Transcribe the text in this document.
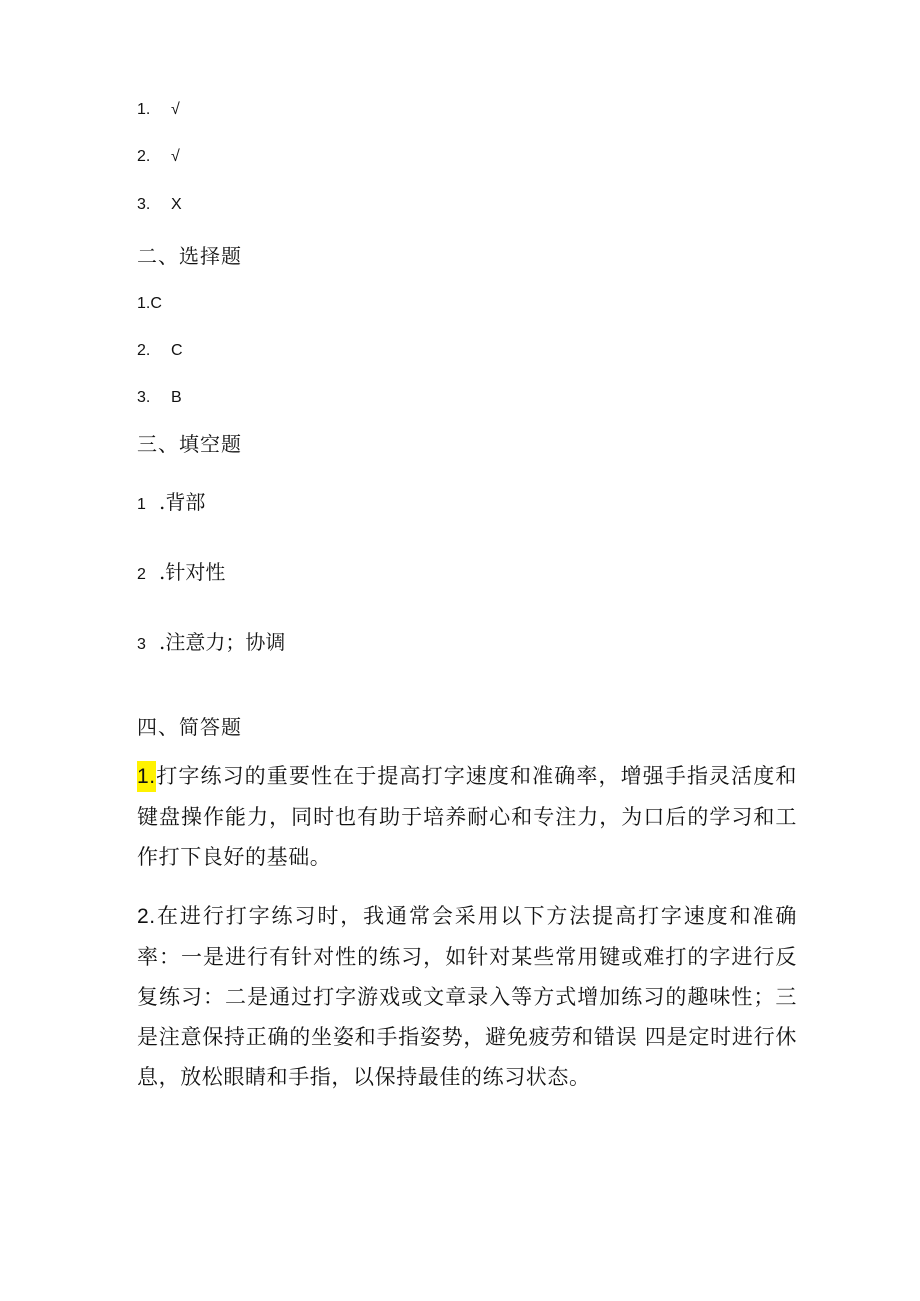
1. √
2. √
3. X
二、选择题
1.C
2. C
3. B
三、填空题
1 .背部
2 .针对性
3 .注意力；协调
四、简答题
1.打字练习的重要性在于提高打字速度和准确率，增强手指灵活度和键盘操作能力，同时也有助于培养耐心和专注力，为口后的学习和工作打下良好的基础。
2.在进行打字练习时，我通常会采用以下方法提高打字速度和准确率：一是进行有针对性的练习，如针对某些常用键或难打的字进行反复练习：二是通过打字游戏或文章录入等方式增加练习的趣味性；三是注意保持正确的坐姿和手指姿势，避免疲劳和错误 四是定时进行休息，放松眼睛和手指，以保持最佳的练习状态。
